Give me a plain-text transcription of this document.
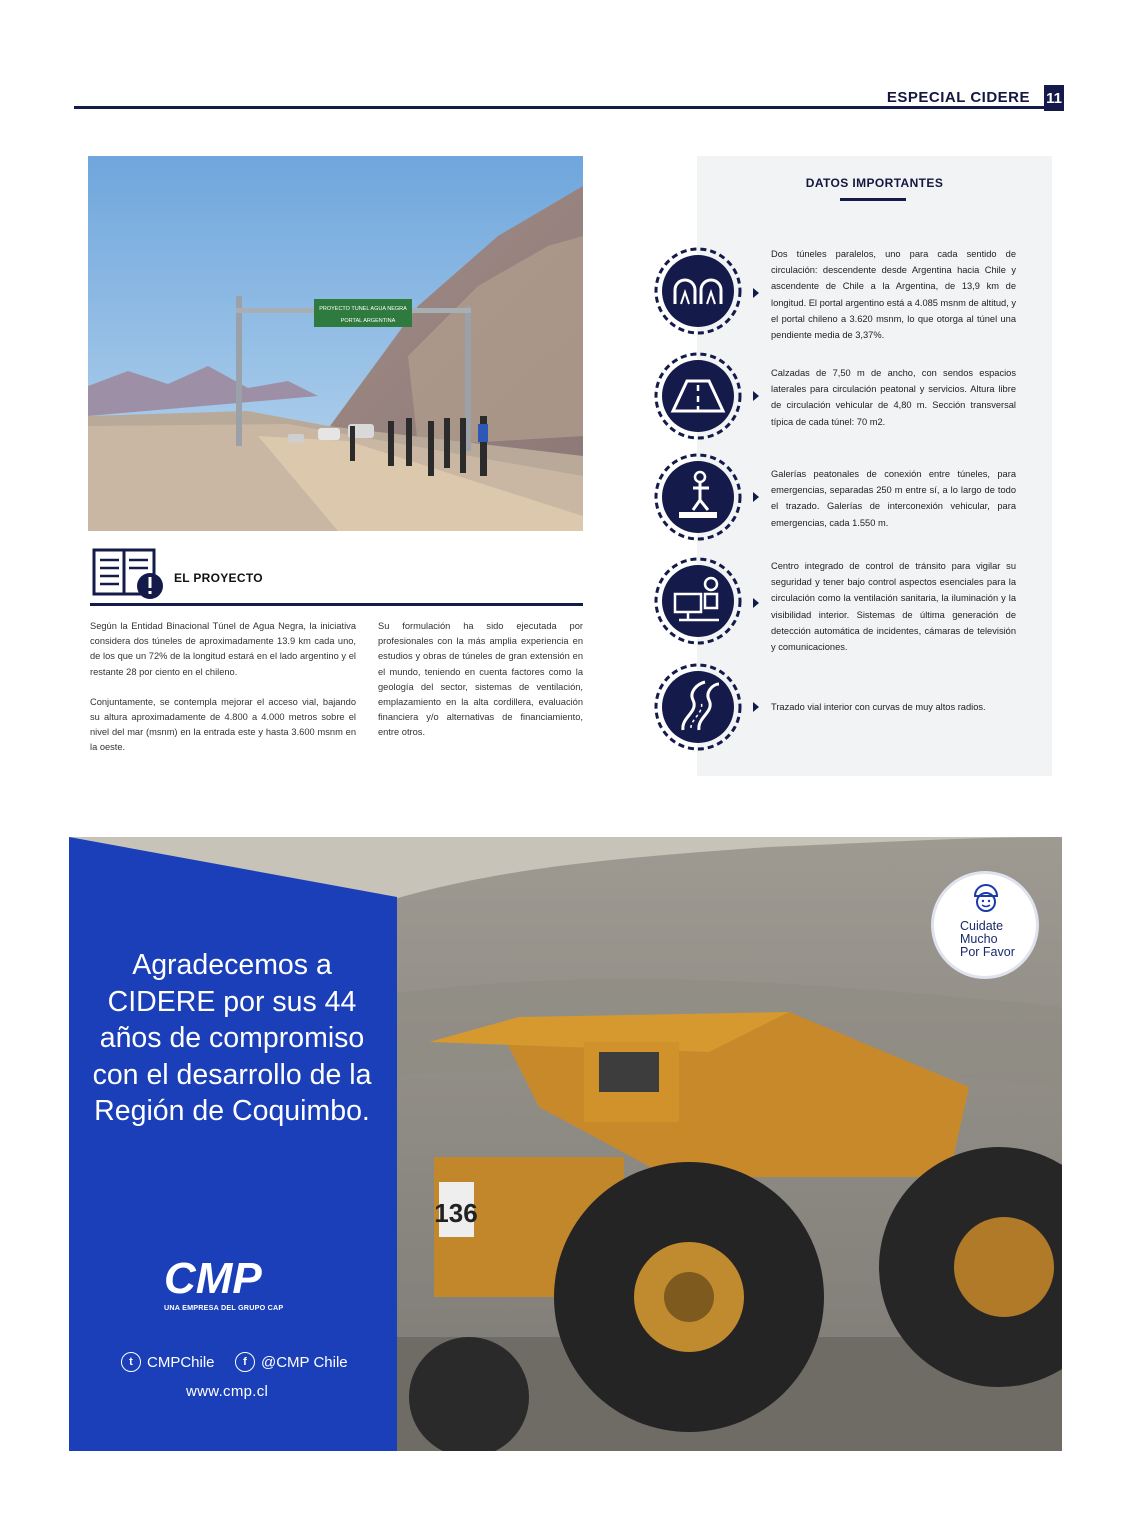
ESPECIAL CIDERE 11
PROYECTO TUNEL AGUA NEGRA
PORTAL ARGENTINA
EL PROYECTO

Según la Entidad Binacional Túnel de Agua Negra, la iniciativa considera dos túneles de aproximadamente 13.9 km cada uno, de los que un 72% de la longitud estará en el lado argentino y el restante 28 por ciento en el chileno.

Conjuntamente, se contempla mejorar el acceso vial, bajando su altura aproximadamente de 4.800 a 4.000 metros sobre el nivel del mar (msnm) en la entrada este y hasta 3.600 msnm en la oeste.

Su formulación ha sido ejecutada por profesionales con la más amplia experiencia en estudios y obras de túneles de gran extensión en el mundo, teniendo en cuenta factores como la geología del sector, sistemas de ventilación, emplazamiento en la alta cordillera, evaluación financiera y/o alternativas de financiamiento, entre otros.

DATOS IMPORTANTES
Dos túneles paralelos, uno para cada sentido de circulación: descendente desde Argentina hacia Chile y ascendente de Chile a la Argentina, de 13,9 km de longitud. El portal argentino está a 4.085 msnm de altitud, y el portal chileno a 3.620 msnm, lo que otorga al túnel una pendiente media de 3,37%.
Calzadas de 7,50 m de ancho, con sendos espacios laterales para circulación peatonal y servicios. Altura libre de circulación vehicular de 4,80 m. Sección transversal típica de cada túnel: 70 m2.
Galerías peatonales de conexión entre túneles, para emergencias, separadas 250 m entre sí, a lo largo de todo el trazado. Galerías de interconexión vehicular, para emergencias, cada 1.550 m.
Centro integrado de control de tránsito para vigilar su seguridad y tener bajo control aspectos esenciales para la circulación como la ventilación sanitaria, la iluminación y la visibilidad interior. Sistemas de última generación de detección automática de incidentes, cámaras de televisión y comunicaciones.
Trazado vial interior con curvas de muy altos radios.
136
Agradecemos a CIDERE por sus 44 años de compromiso con el desarrollo de la Región de Coquimbo.
CMP
UNA EMPRESA DEL GRUPO CAP
t CMPChile	f @CMP Chile
www.cmp.cl
Cuidate
Mucho
Por Favor
